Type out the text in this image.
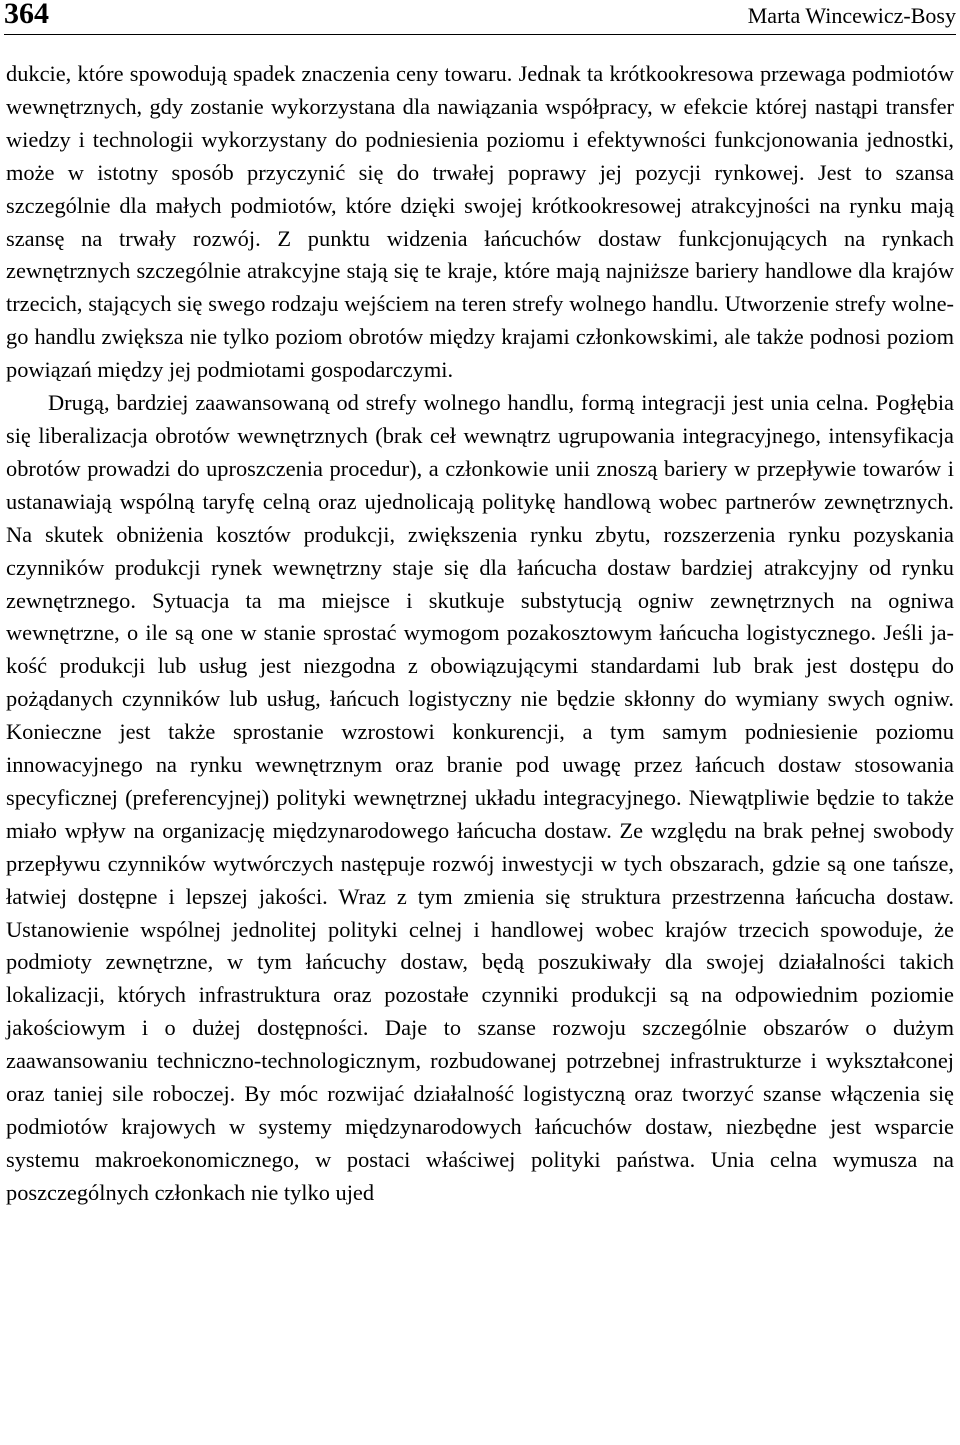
364	Marta Wincewicz-Bosy

dukcie, które spowodują spadek znaczenia ceny towaru. Jednak ta krótkookresowa przewaga podmiotów wewnętrznych, gdy zostanie wykorzystana dla nawiązania współpracy, w efekcie której nastąpi transfer wiedzy i technologii wykorzystany do podniesienia poziomu i efektywności funkcjonowania jednostki, może w istotny sposób przyczynić się do trwałej poprawy jej pozycji rynkowej. Jest to szansa szczególnie dla małych podmiotów, które dzięki swojej krótkookresowej atrakcyjności na rynku mają szansę na trwały rozwój. Z punktu widzenia łańcuchów dostaw funkcjonujących na rynkach zewnętrznych szczególnie atrakcyjne stają się te kraje, które mają najniższe bariery handlowe dla krajów trzecich, stających się swego rodzaju wejściem na teren strefy wolnego handlu. Utworzenie strefy wolnego handlu zwiększa nie tylko poziom obrotów między krajami członkowskimi, ale także podnosi poziom powiązań między jej podmiotami gospodarczymi.

Drugą, bardziej zaawansowaną od strefy wolnego handlu, formą integracji jest unia celna. Pogłębia się liberalizacja obrotów wewnętrznych (brak ceł wewnątrz ugrupowania integracyjnego, intensyfikacja obrotów prowadzi do uproszczenia procedur), a członkowie unii znoszą bariery w przepływie towarów i ustanawiają wspólną taryfę celną oraz ujednolicają politykę handlową wobec partnerów zewnętrznych. Na skutek obniżenia kosztów produkcji, zwiększenia rynku zbytu, rozszerzenia rynku pozyskania czynników produkcji rynek wewnętrzny staje się dla łańcucha dostaw bardziej atrakcyjny od rynku zewnętrznego. Sytuacja ta ma miejsce i skutkuje substytucją ogniw zewnętrznych na ogniwa wewnętrzne, o ile są one w stanie sprostać wymogom pozakosztowym łańcucha logistycznego. Jeśli jakość produkcji lub usług jest niezgodna z obowiązującymi standardami lub brak jest dostępu do pożądanych czynników lub usług, łańcuch logistyczny nie będzie skłonny do wymiany swych ogniw. Konieczne jest także sprostanie wzrostowi konkurencji, a tym samym podniesienie poziomu innowacyjnego na rynku wewnętrznym oraz branie pod uwagę przez łańcuch dostaw stosowania specyficznej (preferencyjnej) polityki wewnętrznej układu integracyjnego. Niewątpliwie będzie to także miało wpływ na organizację międzynarodowego łańcucha dostaw. Ze względu na brak pełnej swobody przepływu czynników wytwórczych następuje rozwój inwestycji w tych obszarach, gdzie są one tańsze, łatwiej dostępne i lepszej jakości. Wraz z tym zmienia się struktura przestrzenna łańcucha dostaw. Ustanowienie wspólnej jednolitej polityki celnej i handlowej wobec krajów trzecich spowoduje, że podmioty zewnętrzne, w tym łańcuchy dostaw, będą poszukiwały dla swojej działalności takich lokalizacji, których infrastruktura oraz pozostałe czynniki produkcji są na odpowiednim poziomie jakościowym i o dużej dostępności. Daje to szanse rozwoju szczególnie obszarów o dużym zaawansowaniu techniczno-technologicznym, rozbudowanej potrzebnej infrastrukturze i wykształconej oraz taniej sile roboczej. By móc rozwijać działalność logistyczną oraz tworzyć szanse włączenia się podmiotów krajowych w systemy międzynarodowych łańcuchów dostaw, niezbędne jest wsparcie systemu makroekonomicznego, w postaci właściwej polityki państwa. Unia celna wymusza na poszczególnych członkach nie tylko ujed
